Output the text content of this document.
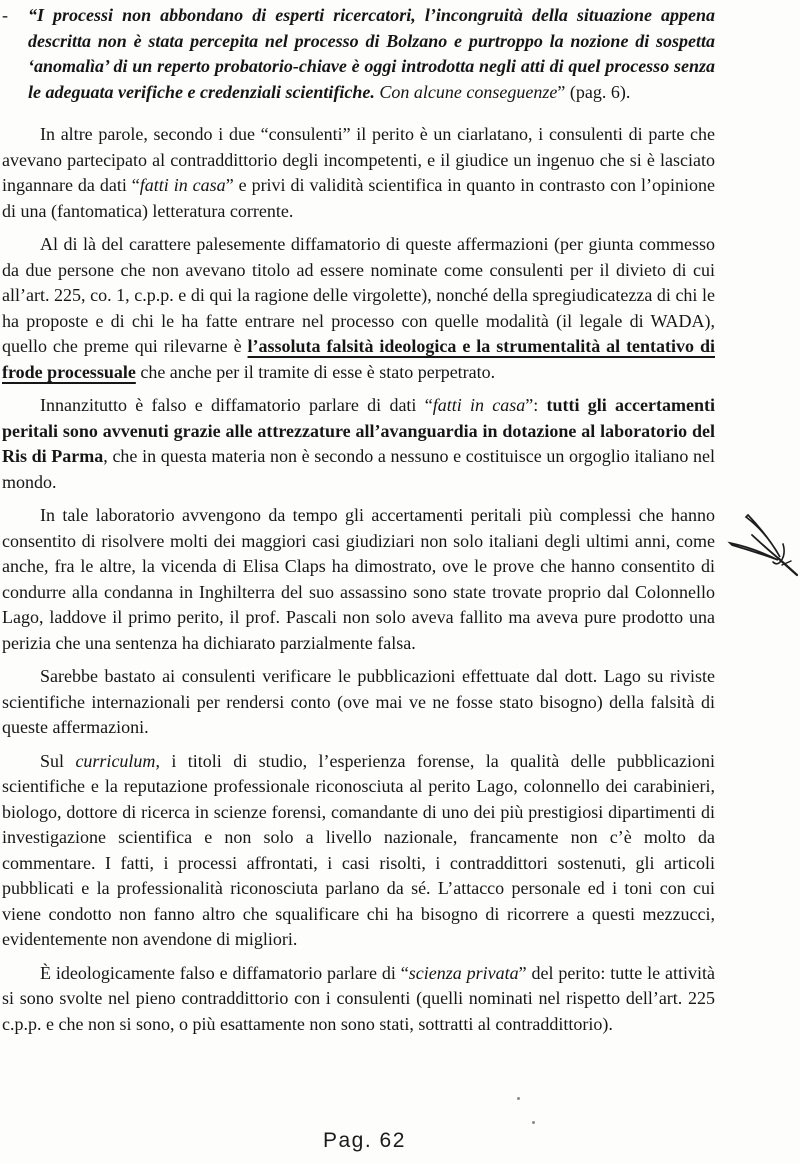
-	“I processi non abbondano di esperti ricercatori, l’incongruità della situazione appena descritta non è stata percepita nel processo di Bolzano e purtroppo la nozione di sospetta ‘anomalìa’ di un reperto probatorio-chiave è oggi introdotta negli atti di quel processo senza le adeguata verifiche e credenziali scientifiche. Con alcune conseguenze” (pag. 6).

In altre parole, secondo i due “consulenti” il perito è un ciarlatano, i consulenti di parte che avevano partecipato al contraddittorio degli incompetenti, e il giudice un ingenuo che si è lasciato ingannare da dati “fatti in casa” e privi di validità scientifica in quanto in contrasto con l’opinione di una (fantomatica) letteratura corrente.

Al di là del carattere palesemente diffamatorio di queste affermazioni (per giunta commesso da due persone che non avevano titolo ad essere nominate come consulenti per il divieto di cui all’art. 225, co. 1, c.p.p. e di qui la ragione delle virgolette), nonché della spregiudicatezza di chi le ha proposte e di chi le ha fatte entrare nel processo con quelle modalità (il legale di WADA), quello che preme qui rilevarne è l’assoluta falsità ideologica e la strumentalità al tentativo di frode processuale che anche per il tramite di esse è stato perpetrato.

Innanzitutto è falso e diffamatorio parlare di dati “fatti in casa”: tutti gli accertamenti peritali sono avvenuti grazie alle attrezzature all’avanguardia in dotazione al laboratorio del Ris di Parma, che in questa materia non è secondo a nessuno e costituisce un orgoglio italiano nel mondo.

In tale laboratorio avvengono da tempo gli accertamenti peritali più complessi che hanno consentito di risolvere molti dei maggiori casi giudiziari non solo italiani degli ultimi anni, come anche, fra le altre, la vicenda di Elisa Claps ha dimostrato, ove le prove che hanno consentito di condurre alla condanna in Inghilterra del suo assassino sono state trovate proprio dal Colonnello Lago, laddove il primo perito, il prof. Pascali non solo aveva fallito ma aveva pure prodotto una perizia che una sentenza ha dichiarato parzialmente falsa.

Sarebbe bastato ai consulenti verificare le pubblicazioni effettuate dal dott. Lago su riviste scientifiche internazionali per rendersi conto (ove mai ve ne fosse stato bisogno) della falsità di queste affermazioni.

Sul curriculum, i titoli di studio, l’esperienza forense, la qualità delle pubblicazioni scientifiche e la reputazione professionale riconosciuta al perito Lago, colonnello dei carabinieri, biologo, dottore di ricerca in scienze forensi, comandante di uno dei più prestigiosi dipartimenti di investigazione scientifica e non solo a livello nazionale, francamente non c’è molto da commentare. I fatti, i processi affrontati, i casi risolti, i contraddittori sostenuti, gli articoli pubblicati e la professionalità riconosciuta parlano da sé. L’attacco personale ed i toni con cui viene condotto non fanno altro che squalificare chi ha bisogno di ricorrere a questi mezzucci, evidentemente non avendone di migliori.

È ideologicamente falso e diffamatorio parlare di “scienza privata” del perito: tutte le attività si sono svolte nel pieno contraddittorio con i consulenti (quelli nominati nel rispetto dell’art. 225 c.p.p. e che non si sono, o più esattamente non sono stati, sottratti al contraddittorio).

Pag. 62
